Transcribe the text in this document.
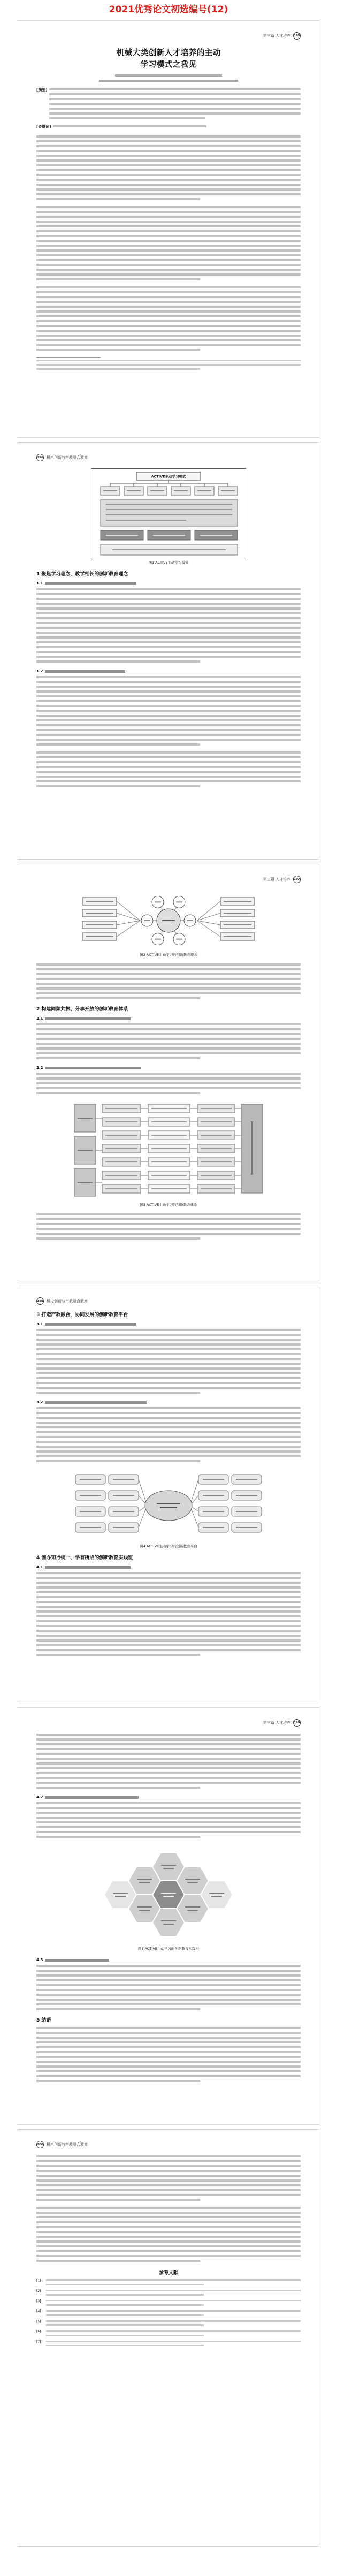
2021优秀论文初选编号(12)
第三篇 人才培养 195
机械大类创新人才培养的主动
学习模式之我见
[摘要]
[关键词]
196 机电创新与产教融合教育
ACTIVE主动学习模式
图1 ACTIVE主动学习模式
1 聚焦学习理念，教学相长的创新教育理念
1.1
1.2
第三篇 人才培养 197
图2 ACTIVE主动学习的创新教育理念
2 构建同频共振、分享开放的创新教育体系
2.1
2.2
图3 ACTIVE主动学习的创新教育体系
198 机电创新与产教融合教育
3 打造产教融合，协同发展的创新教育平台
3.1
3.2
图4 ACTIVE主动学习的创新教育平台
4 创办知行统一、学有所成的创新教育实践班
4.1
第三篇 人才培养 199
4.2
图5 ACTIVE主动学习的创新教育实践班
4.3
5 结语
200 机电创新与产教融合教育
参考文献
[1]
[2]
[3]
[4]
[5]
[6]
[7]
